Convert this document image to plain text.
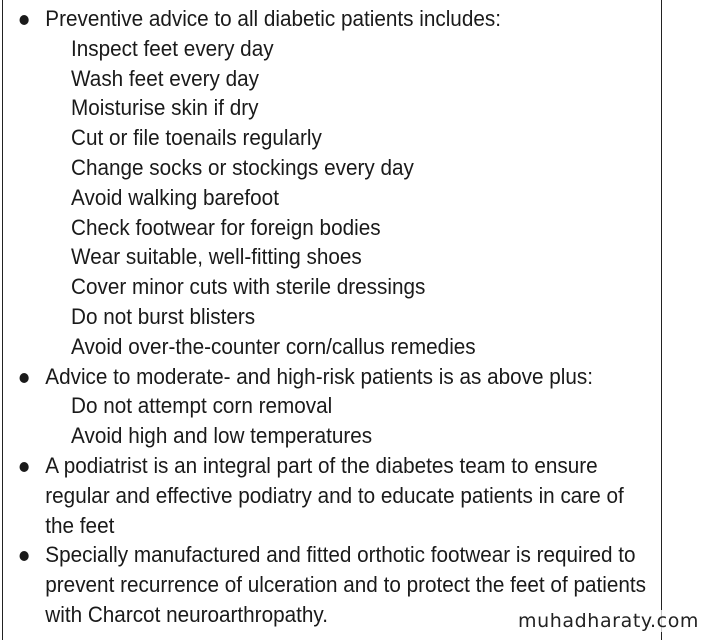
Preventive advice to all diabetic patients includes:
Inspect feet every day
Wash feet every day
Moisturise skin if dry
Cut or file toenails regularly
Change socks or stockings every day
Avoid walking barefoot
Check footwear for foreign bodies
Wear suitable, well-fitting shoes
Cover minor cuts with sterile dressings
Do not burst blisters
Avoid over-the-counter corn/callus remedies
Advice to moderate- and high-risk patients is as above plus:
Do not attempt corn removal
Avoid high and low temperatures
A podiatrist is an integral part of the diabetes team to ensure regular and effective podiatry and to educate patients in care of the feet
Specially manufactured and fitted orthotic footwear is required to prevent recurrence of ulceration and to protect the feet of patients with Charcot neuroarthropathy.	muhadharaty.com
